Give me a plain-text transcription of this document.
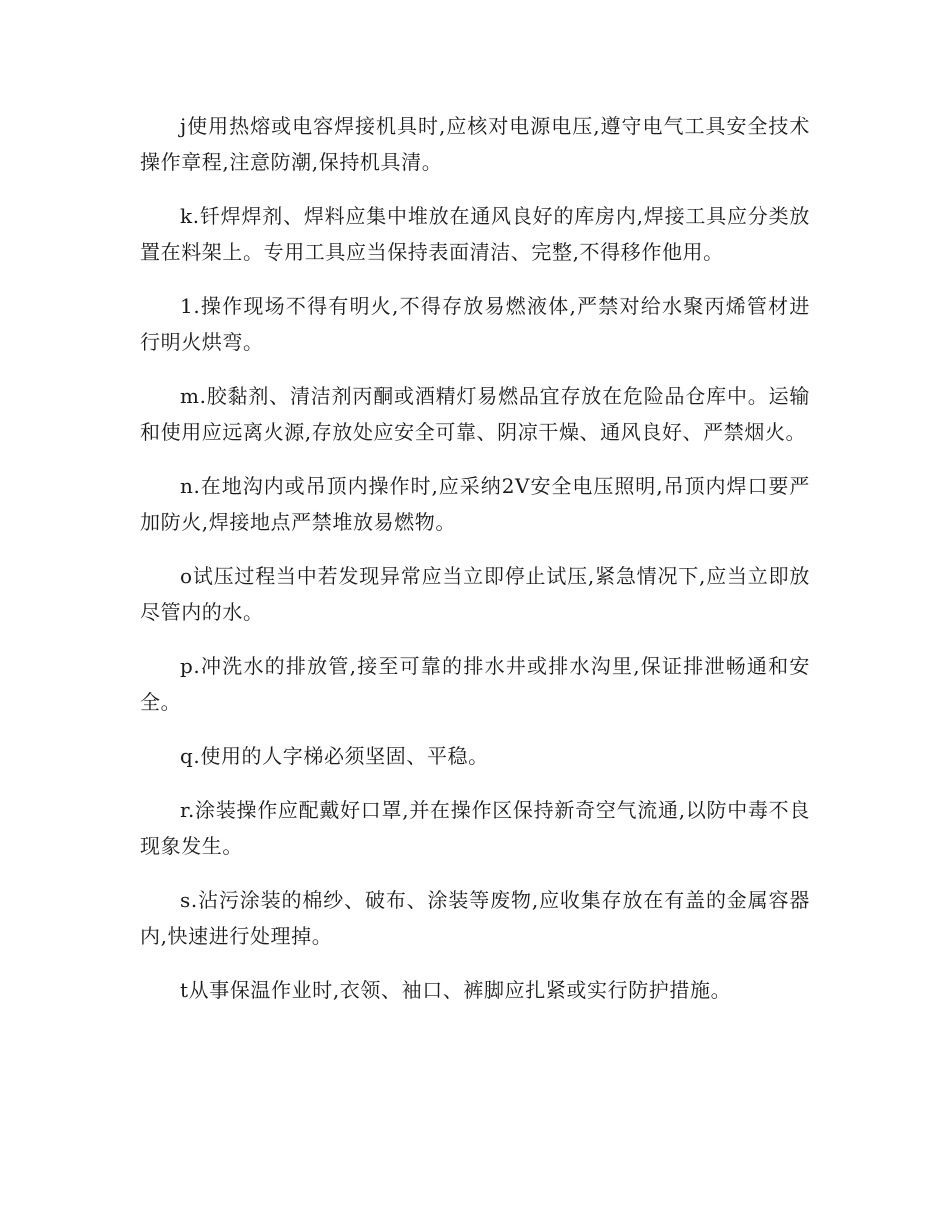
j使用热熔或电容焊接机具时,应核对电源电压,遵守电气工具安全技术操作章程,注意防潮,保持机具清。

k.钎焊焊剂、焊料应集中堆放在通风良好的库房内,焊接工具应分类放置在料架上。专用工具应当保持表面清洁、完整,不得移作他用。

1.操作现场不得有明火,不得存放易燃液体,严禁对给水聚丙烯管材进行明火烘弯。

m.胶黏剂、清洁剂丙酮或酒精灯易燃品宜存放在危险品仓库中。运输和使用应远离火源,存放处应安全可靠、阴凉干燥、通风良好、严禁烟火。

n.在地沟内或吊顶内操作时,应采纳2V安全电压照明,吊顶内焊口要严加防火,焊接地点严禁堆放易燃物。

o试压过程当中若发现异常应当立即停止试压,紧急情况下,应当立即放尽管内的水。

p.冲洗水的排放管,接至可靠的排水井或排水沟里,保证排泄畅通和安全。

q.使用的人字梯必须坚固、平稳。

r.涂装操作应配戴好口罩,并在操作区保持新奇空气流通,以防中毒不良现象发生。

s.沾污涂装的棉纱、破布、涂装等废物,应收集存放在有盖的金属容器内,快速进行处理掉。

t从事保温作业时,衣领、袖口、裤脚应扎紧或实行防护措施。
